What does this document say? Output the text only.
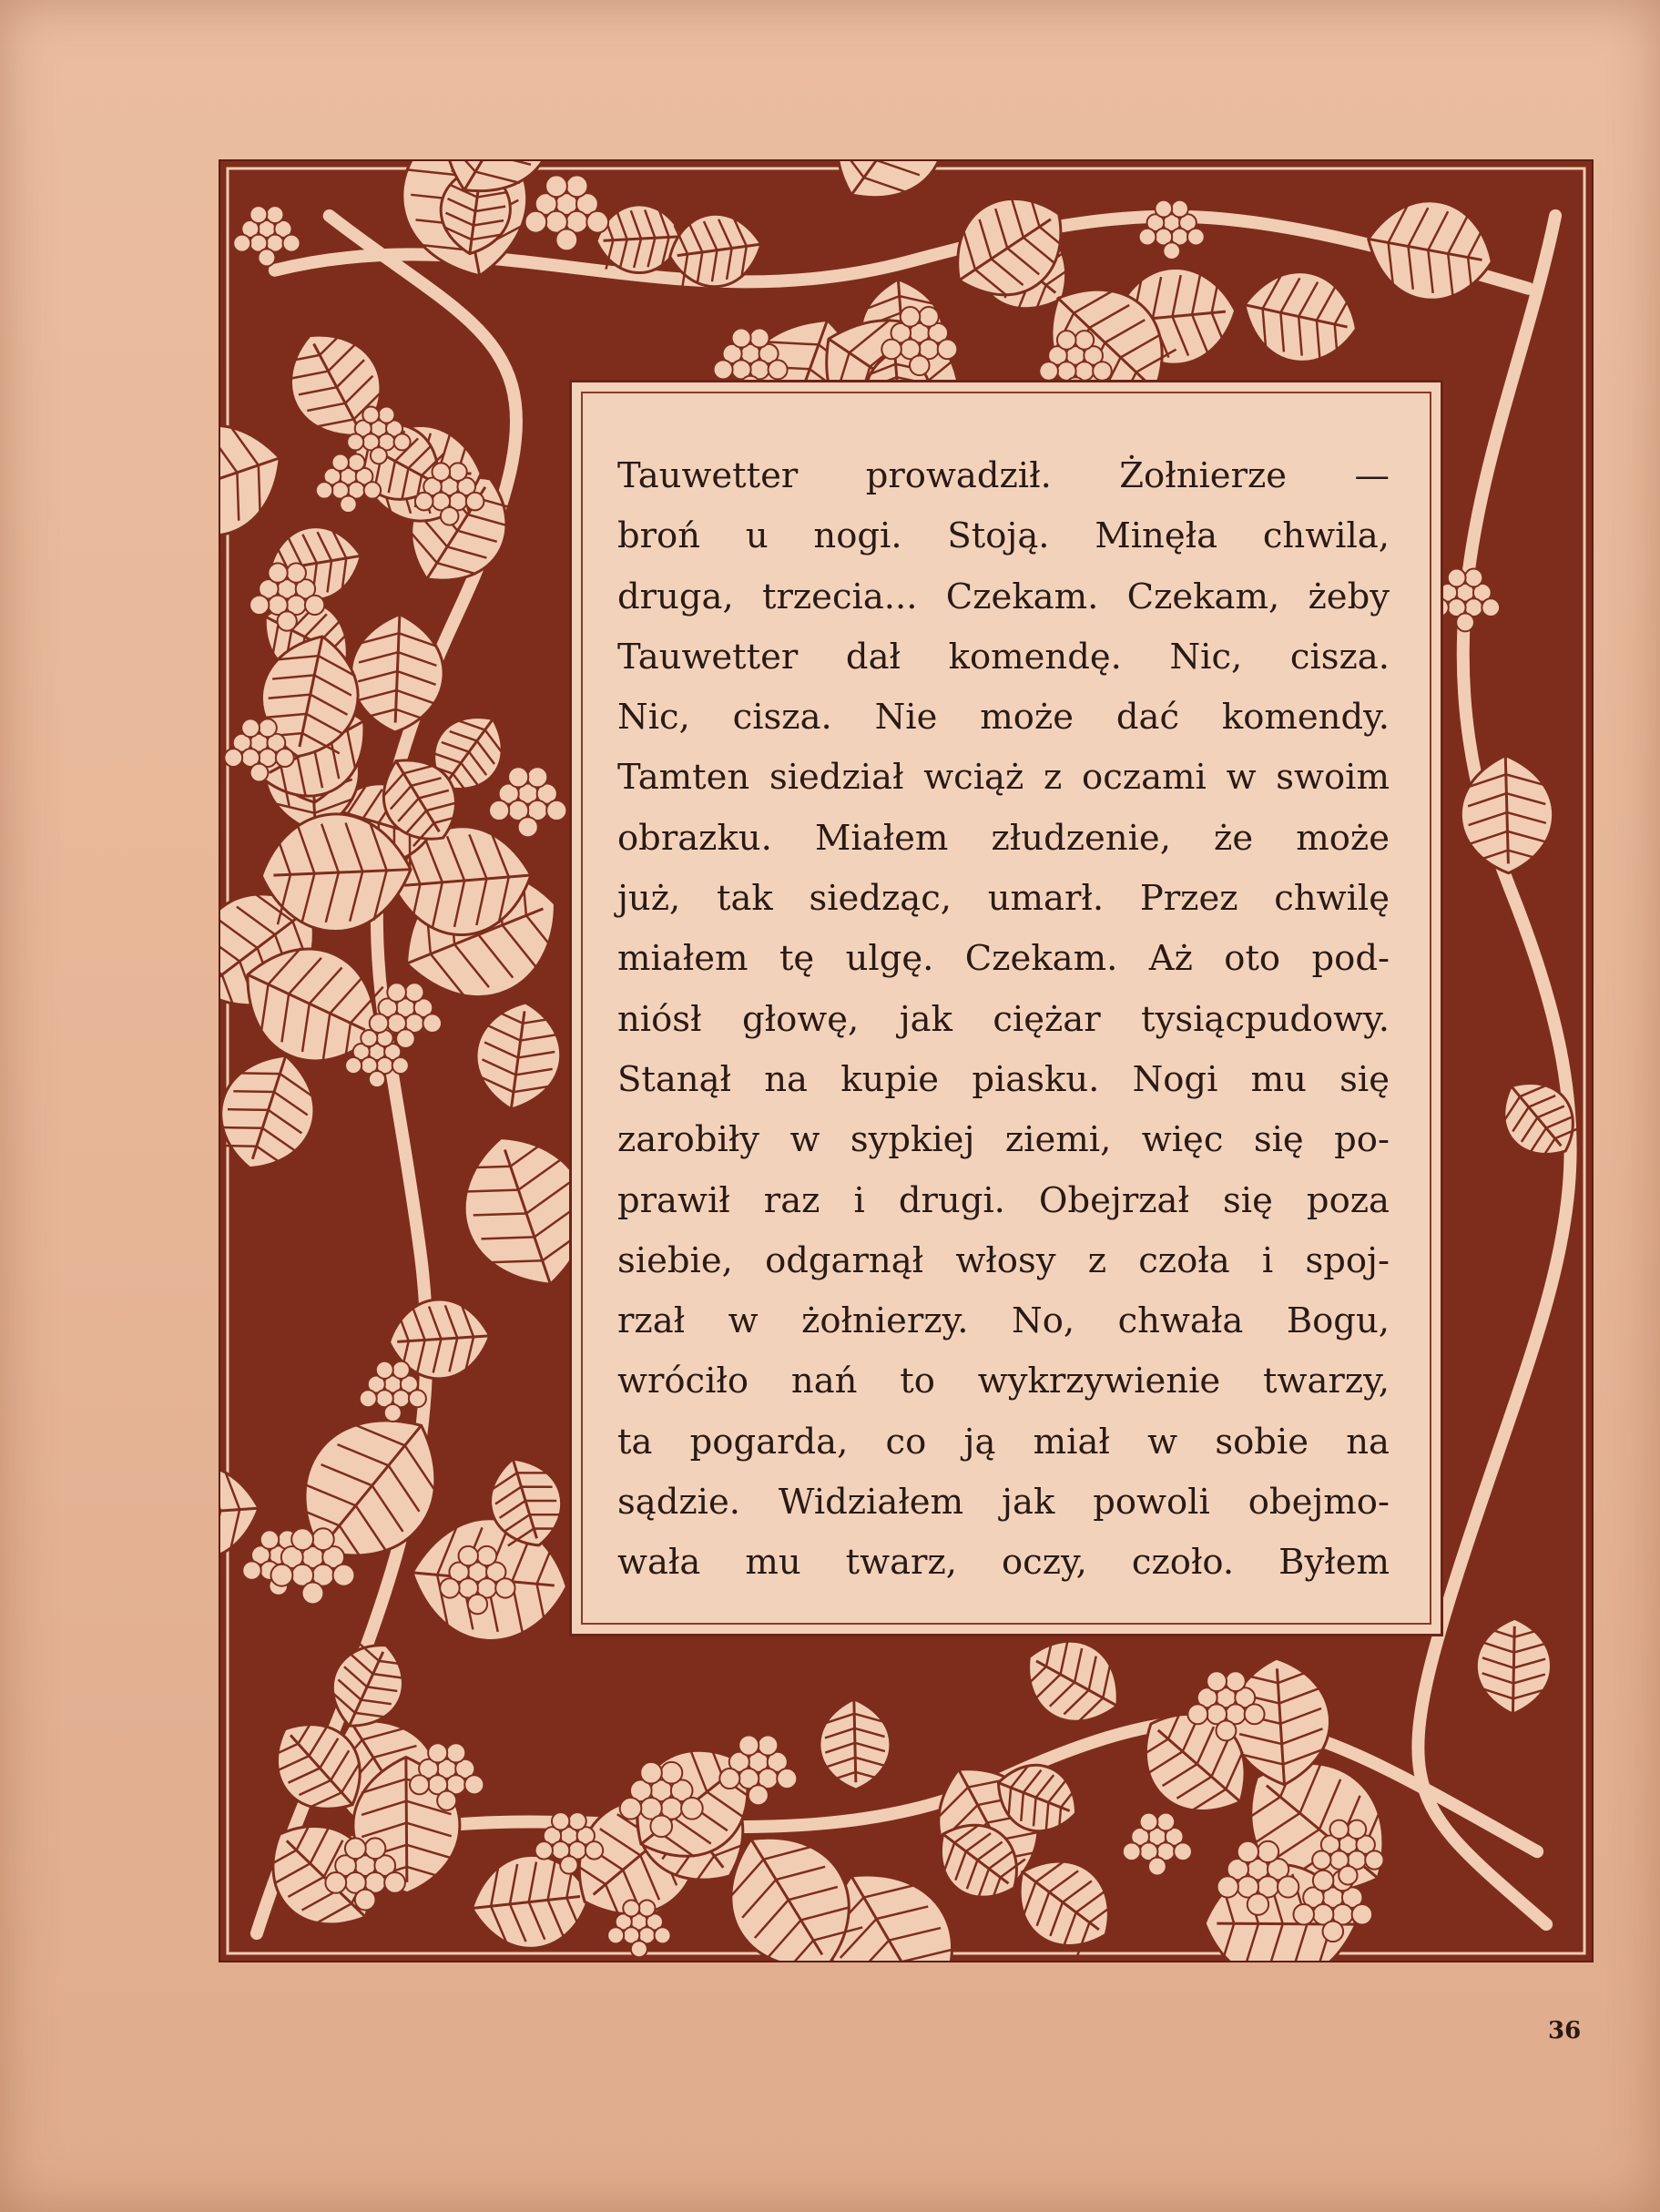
Tauwetter prowadził. Żołnierze —
broń u nogi. Stoją. Minęła chwila,
druga, trzecia... Czekam. Czekam, żeby
Tauwetter dał komendę. Nic, cisza.
Nic, cisza. Nie może dać komendy.
Tamten siedział wciąż z oczami w swoim
obrazku. Miałem złudzenie, że może
już, tak siedząc, umarł. Przez chwilę
miałem tę ulgę. Czekam. Aż oto pod-
niósł głowę, jak ciężar tysiącpudowy.
Stanął na kupie piasku. Nogi mu się
zarobiły w sypkiej ziemi, więc się po-
prawił raz i drugi. Obejrzał się poza
siebie, odgarnął włosy z czoła i spoj-
rzał w żołnierzy. No, chwała Bogu,
wróciło nań to wykrzywienie twarzy,
ta pogarda, co ją miał w sobie na
sądzie. Widziałem jak powoli obejmo-
wała mu twarz, oczy, czoło. Byłem
36
